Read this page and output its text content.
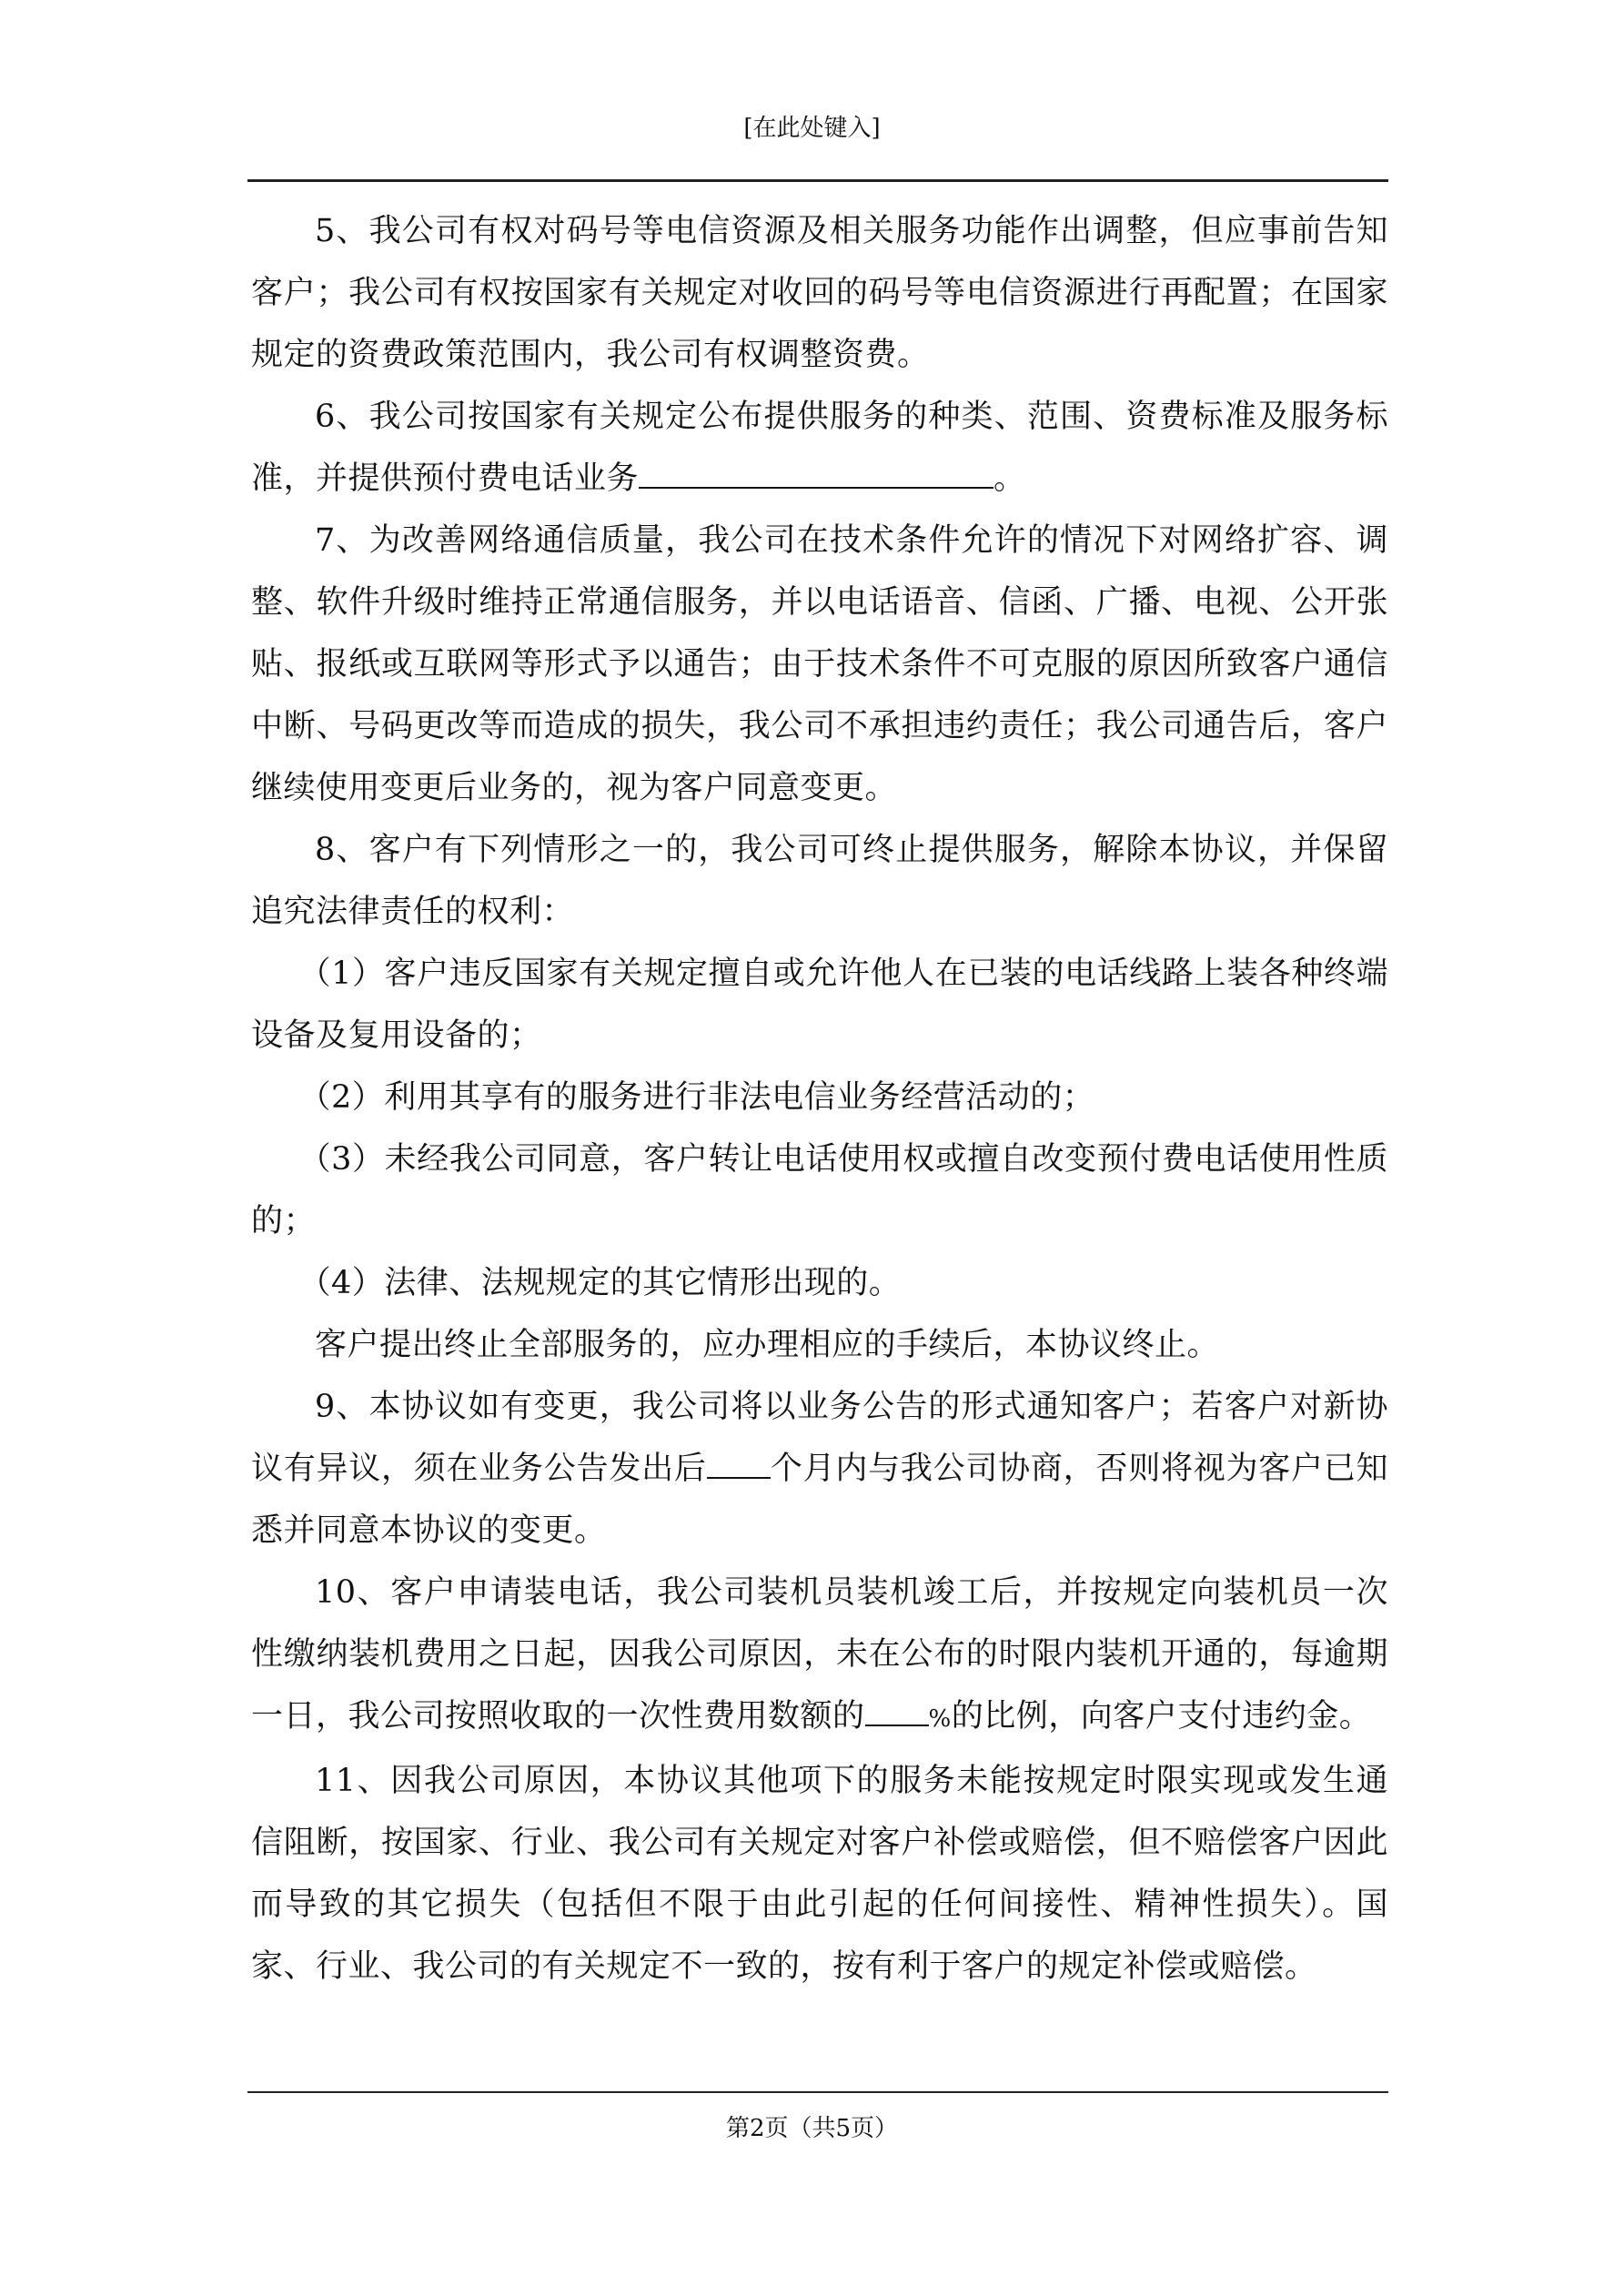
[在此处键入]

5、我公司有权对码号等电信资源及相关服务功能作出调整，但应事前告知客户；我公司有权按国家有关规定对收回的码号等电信资源进行再配置；在国家规定的资费政策范围内，我公司有权调整资费。

6、我公司按国家有关规定公布提供服务的种类、范围、资费标准及服务标准，并提供预付费电话业务	。

7、为改善网络通信质量，我公司在技术条件允许的情况下对网络扩容、调整、软件升级时维持正常通信服务，并以电话语音、信函、广播、电视、公开张贴、报纸或互联网等形式予以通告；由于技术条件不可克服的原因所致客户通信中断、号码更改等而造成的损失，我公司不承担违约责任；我公司通告后，客户继续使用变更后业务的，视为客户同意变更。

8、客户有下列情形之一的，我公司可终止提供服务，解除本协议，并保留追究法律责任的权利：

（1）客户违反国家有关规定擅自或允许他人在已装的电话线路上装各种终端设备及复用设备的；

（2）利用其享有的服务进行非法电信业务经营活动的；

（3）未经我公司同意，客户转让电话使用权或擅自改变预付费电话使用性质的；

（4）法律、法规规定的其它情形出现的。

客户提出终止全部服务的，应办理相应的手续后，本协议终止。

9、本协议如有变更，我公司将以业务公告的形式通知客户；若客户对新协议有异议，须在业务公告发出后 个月内与我公司协商，否则将视为客户已知悉并同意本协议的变更。

10、客户申请装电话，我公司装机员装机竣工后，并按规定向装机员一次性缴纳装机费用之日起，因我公司原因，未在公布的时限内装机开通的，每逾期一日，我公司按照收取的一次性费用数额的	%的比例，向客户支付违约金。

11、因我公司原因，本协议其他项下的服务未能按规定时限实现或发生通信阻断，按国家、行业、我公司有关规定对客户补偿或赔偿，但不赔偿客户因此而导致的其它损失（包括但不限于由此引起的任何间接性、精神性损失）。国家、行业、我公司的有关规定不一致的，按有利于客户的规定补偿或赔偿。

第2页（共5页）
